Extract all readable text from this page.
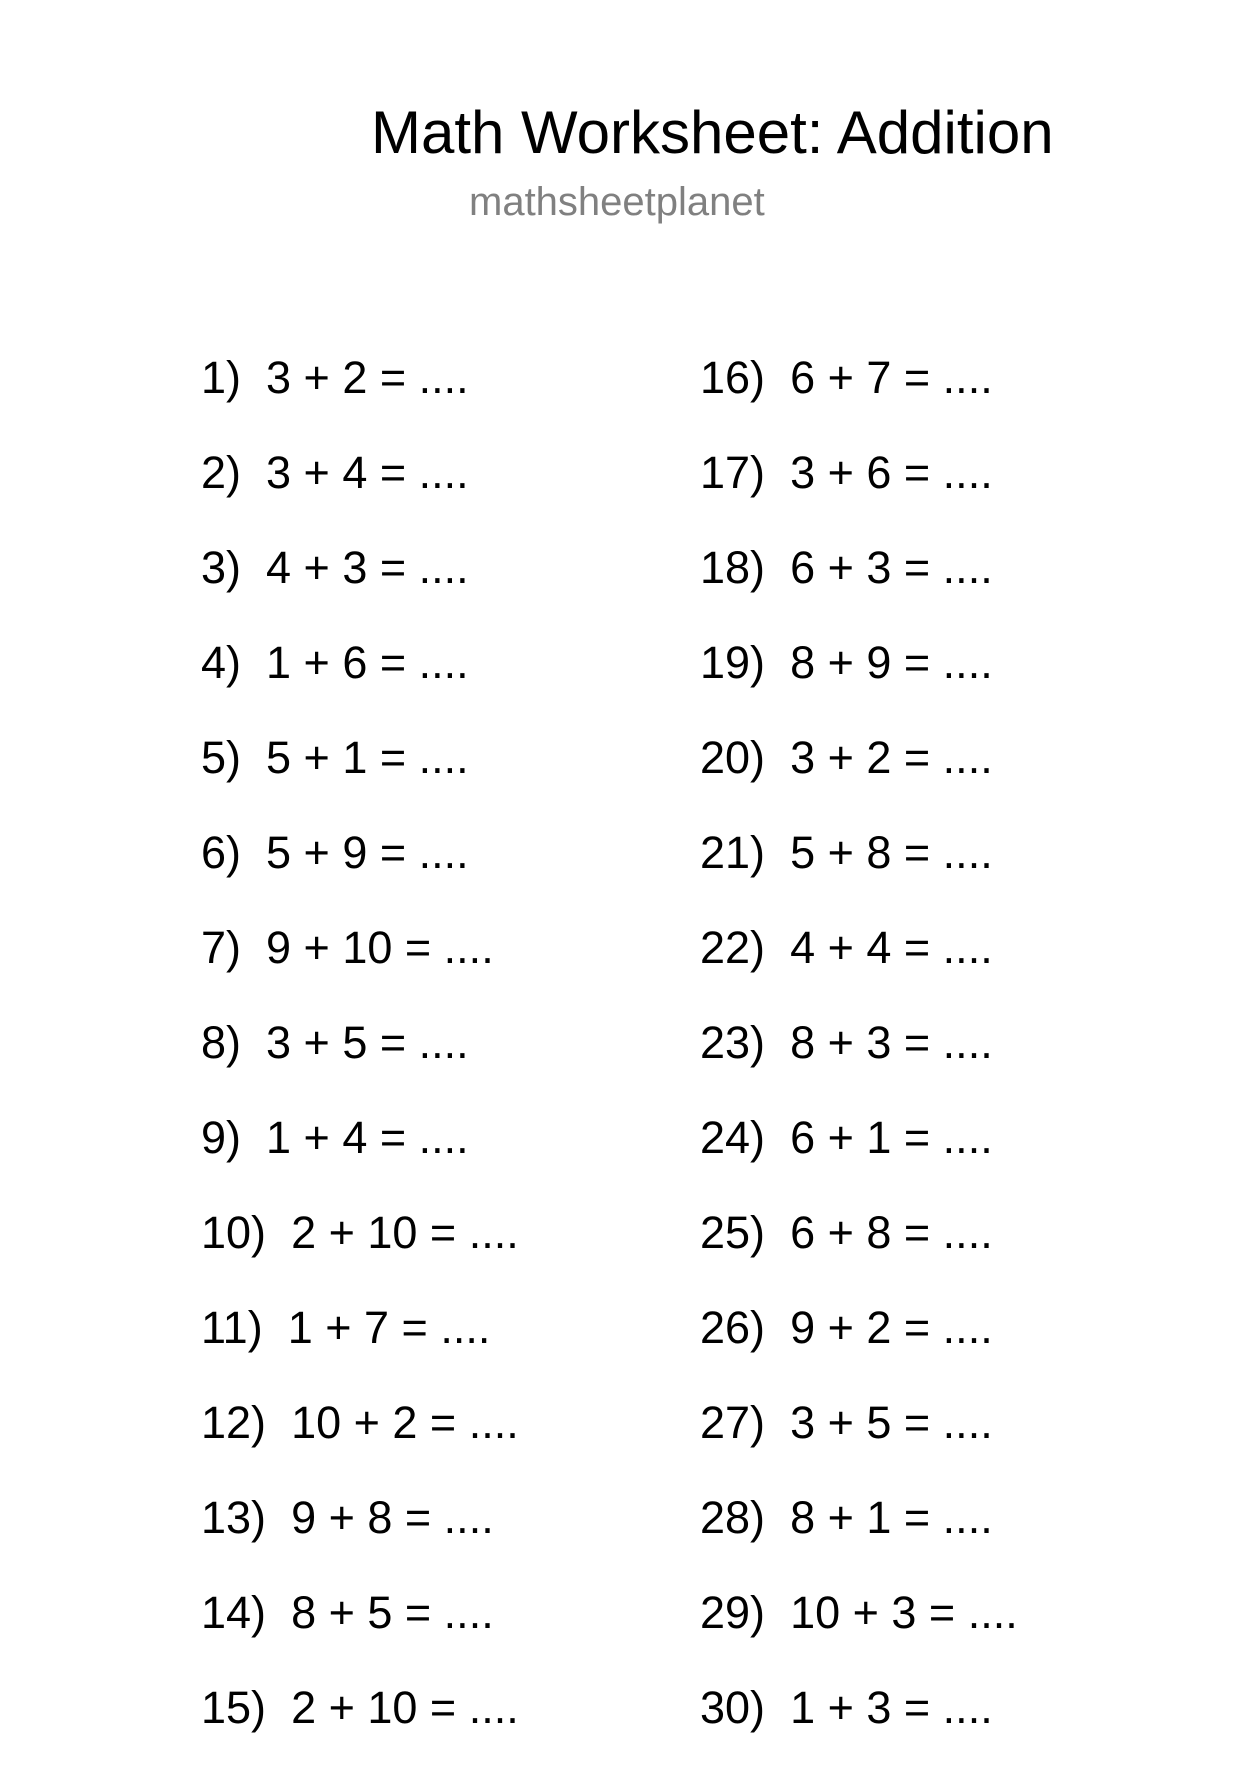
Math Worksheet: Addition
mathsheetplanet
1) 3 + 2 = ....
2) 3 + 4 = ....
3) 4 + 3 = ....
4) 1 + 6 = ....
5) 5 + 1 = ....
6) 5 + 9 = ....
7) 9 + 10 = ....
8) 3 + 5 = ....
9) 1 + 4 = ....
10) 2 + 10 = ....
11) 1 + 7 = ....
12) 10 + 2 = ....
13) 9 + 8 = ....
14) 8 + 5 = ....
15) 2 + 10 = ....
16) 6 + 7 = ....
17) 3 + 6 = ....
18) 6 + 3 = ....
19) 8 + 9 = ....
20) 3 + 2 = ....
21) 5 + 8 = ....
22) 4 + 4 = ....
23) 8 + 3 = ....
24) 6 + 1 = ....
25) 6 + 8 = ....
26) 9 + 2 = ....
27) 3 + 5 = ....
28) 8 + 1 = ....
29) 10 + 3 = ....
30) 1 + 3 = ....
